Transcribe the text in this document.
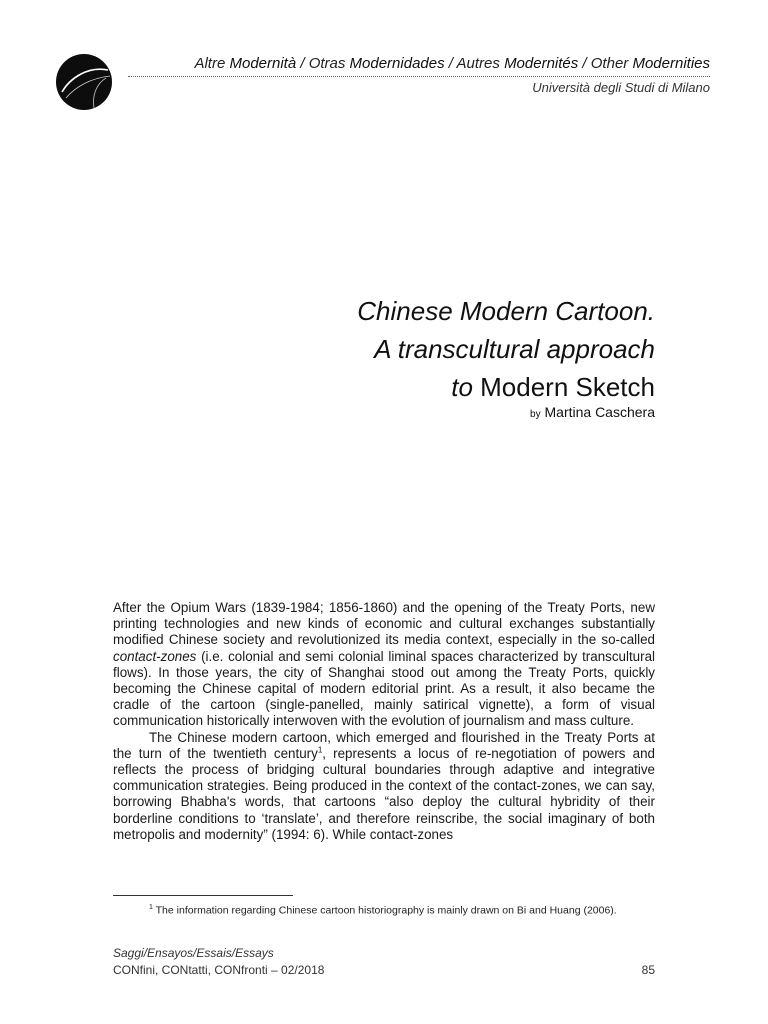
Altre Modernità / Otras Modernidades / Autres Modernités / Other Modernities
Università degli Studi di Milano
Chinese Modern Cartoon.
A transcultural approach
to Modern Sketch
by Martina Caschera

After the Opium Wars (1839-1984; 1856-1860) and the opening of the Treaty Ports, new printing technologies and new kinds of economic and cultural exchanges substantially modified Chinese society and revolutionized its media context, especially in the so-called contact-zones (i.e. colonial and semi colonial liminal spaces characterized by transcultural flows). In those years, the city of Shanghai stood out among the Treaty Ports, quickly becoming the Chinese capital of modern editorial print. As a result, it also became the cradle of the cartoon (single-panelled, mainly satirical vignette), a form of visual communication historically interwoven with the evolution of journalism and mass culture.

The Chinese modern cartoon, which emerged and flourished in the Treaty Ports at the turn of the twentieth century$^1$, represents a locus of re-negotiation of powers and reflects the process of bridging cultural boundaries through adaptive and integrative communication strategies. Being produced in the context of the contact-zones, we can say, borrowing Bhabha's words, that cartoons “also deploy the cultural hybridity of their borderline conditions to ‘translate’, and therefore reinscribe, the social imaginary of both metropolis and modernity” (1994: 6). While contact-zones

$^1$ The information regarding Chinese cartoon historiography is mainly drawn on Bi and Huang (2006).
Saggi/Ensayos/Essais/Essays
CONfini, CONtatti, CONfronti – 02/2018	85
